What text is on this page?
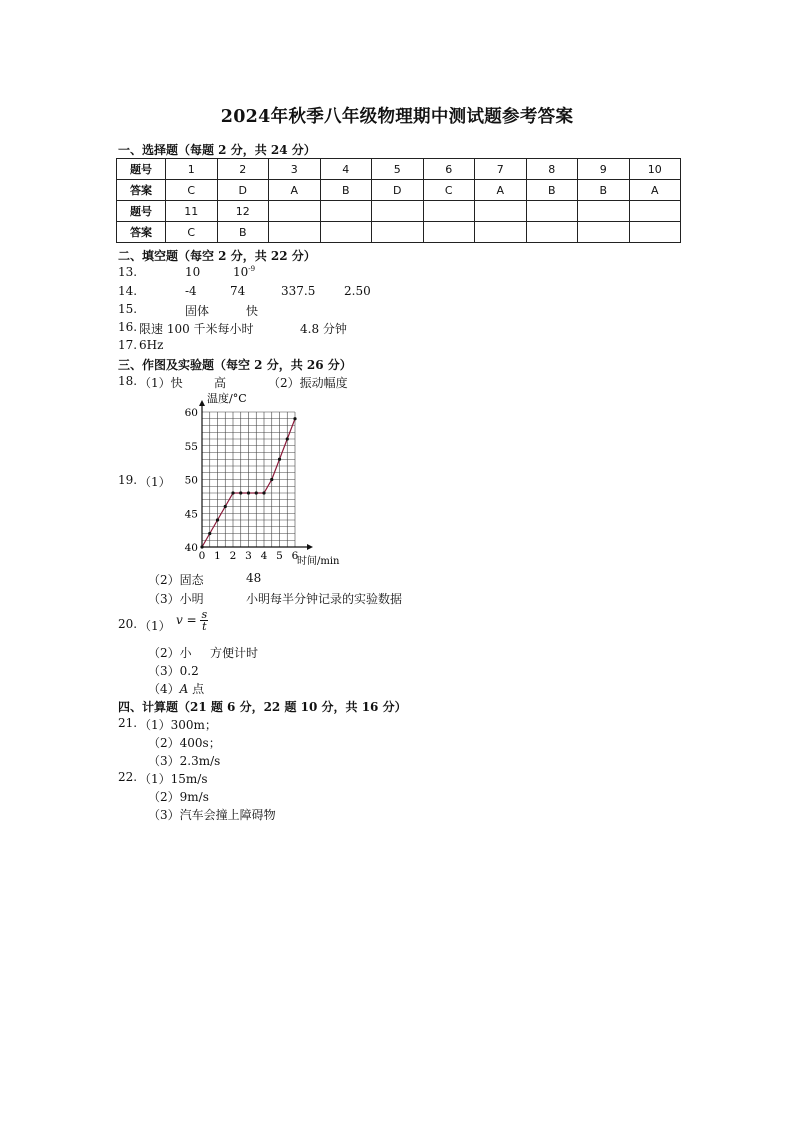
2024年秋季八年级物理期中测试题参考答案
一、选择题（每题 2 分，共 24 分）
题号	1	2	3	4	5	6	7	8	9	10
答案	C	D	A	B	D	C	A	B	B	A
题号	11	12								
答案	C	B								
二、填空题（每空 2 分，共 22 分）
13.	10	$10^{-9}$
14.	-4	74	337.5 2.50
15.	固体	快
16. 限速 100 千米每小时	4.8 分钟
17. 6Hz
三、作图及实验题（每空 2 分，共 26 分）
18. （1）快	高	（2）振动幅度
19. （1）
0 1 2 3 4 5 6
40
45
50
55
60
温度/°C
时间/min
（2）固态	48
（3）小明	小明每半分钟记录的实验数据
20. （1） $v = \frac{s}{t}$
（2）小 方便计时
（3）0.2
（4）A 点
四、计算题（21 题 6 分，22 题 10 分，共 16 分）
21. （1）300m；
（2）400s；
（3）2.3m/s
22. （1）15m/s
（2）9m/s
（3）汽车会撞上障碍物
